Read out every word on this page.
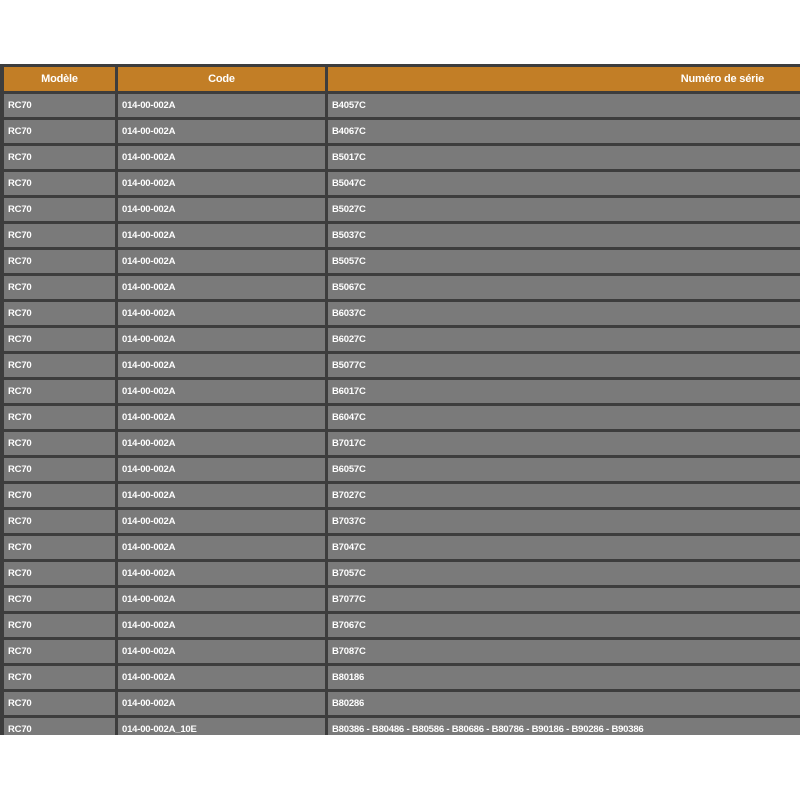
Modèle	Code	Numéro de série
RC70	014-00-002A	B4057C
RC70	014-00-002A	B4067C
RC70	014-00-002A	B5017C
RC70	014-00-002A	B5047C
RC70	014-00-002A	B5027C
RC70	014-00-002A	B5037C
RC70	014-00-002A	B5057C
RC70	014-00-002A	B5067C
RC70	014-00-002A	B6037C
RC70	014-00-002A	B6027C
RC70	014-00-002A	B5077C
RC70	014-00-002A	B6017C
RC70	014-00-002A	B6047C
RC70	014-00-002A	B7017C
RC70	014-00-002A	B6057C
RC70	014-00-002A	B7027C
RC70	014-00-002A	B7037C
RC70	014-00-002A	B7047C
RC70	014-00-002A	B7057C
RC70	014-00-002A	B7077C
RC70	014-00-002A	B7067C
RC70	014-00-002A	B7087C
RC70	014-00-002A	B80186
RC70	014-00-002A	B80286
RC70	014-00-002A_10E	B80386 - B80486 - B80586 - B80686 - B80786 - B90186 - B90286 - B90386
